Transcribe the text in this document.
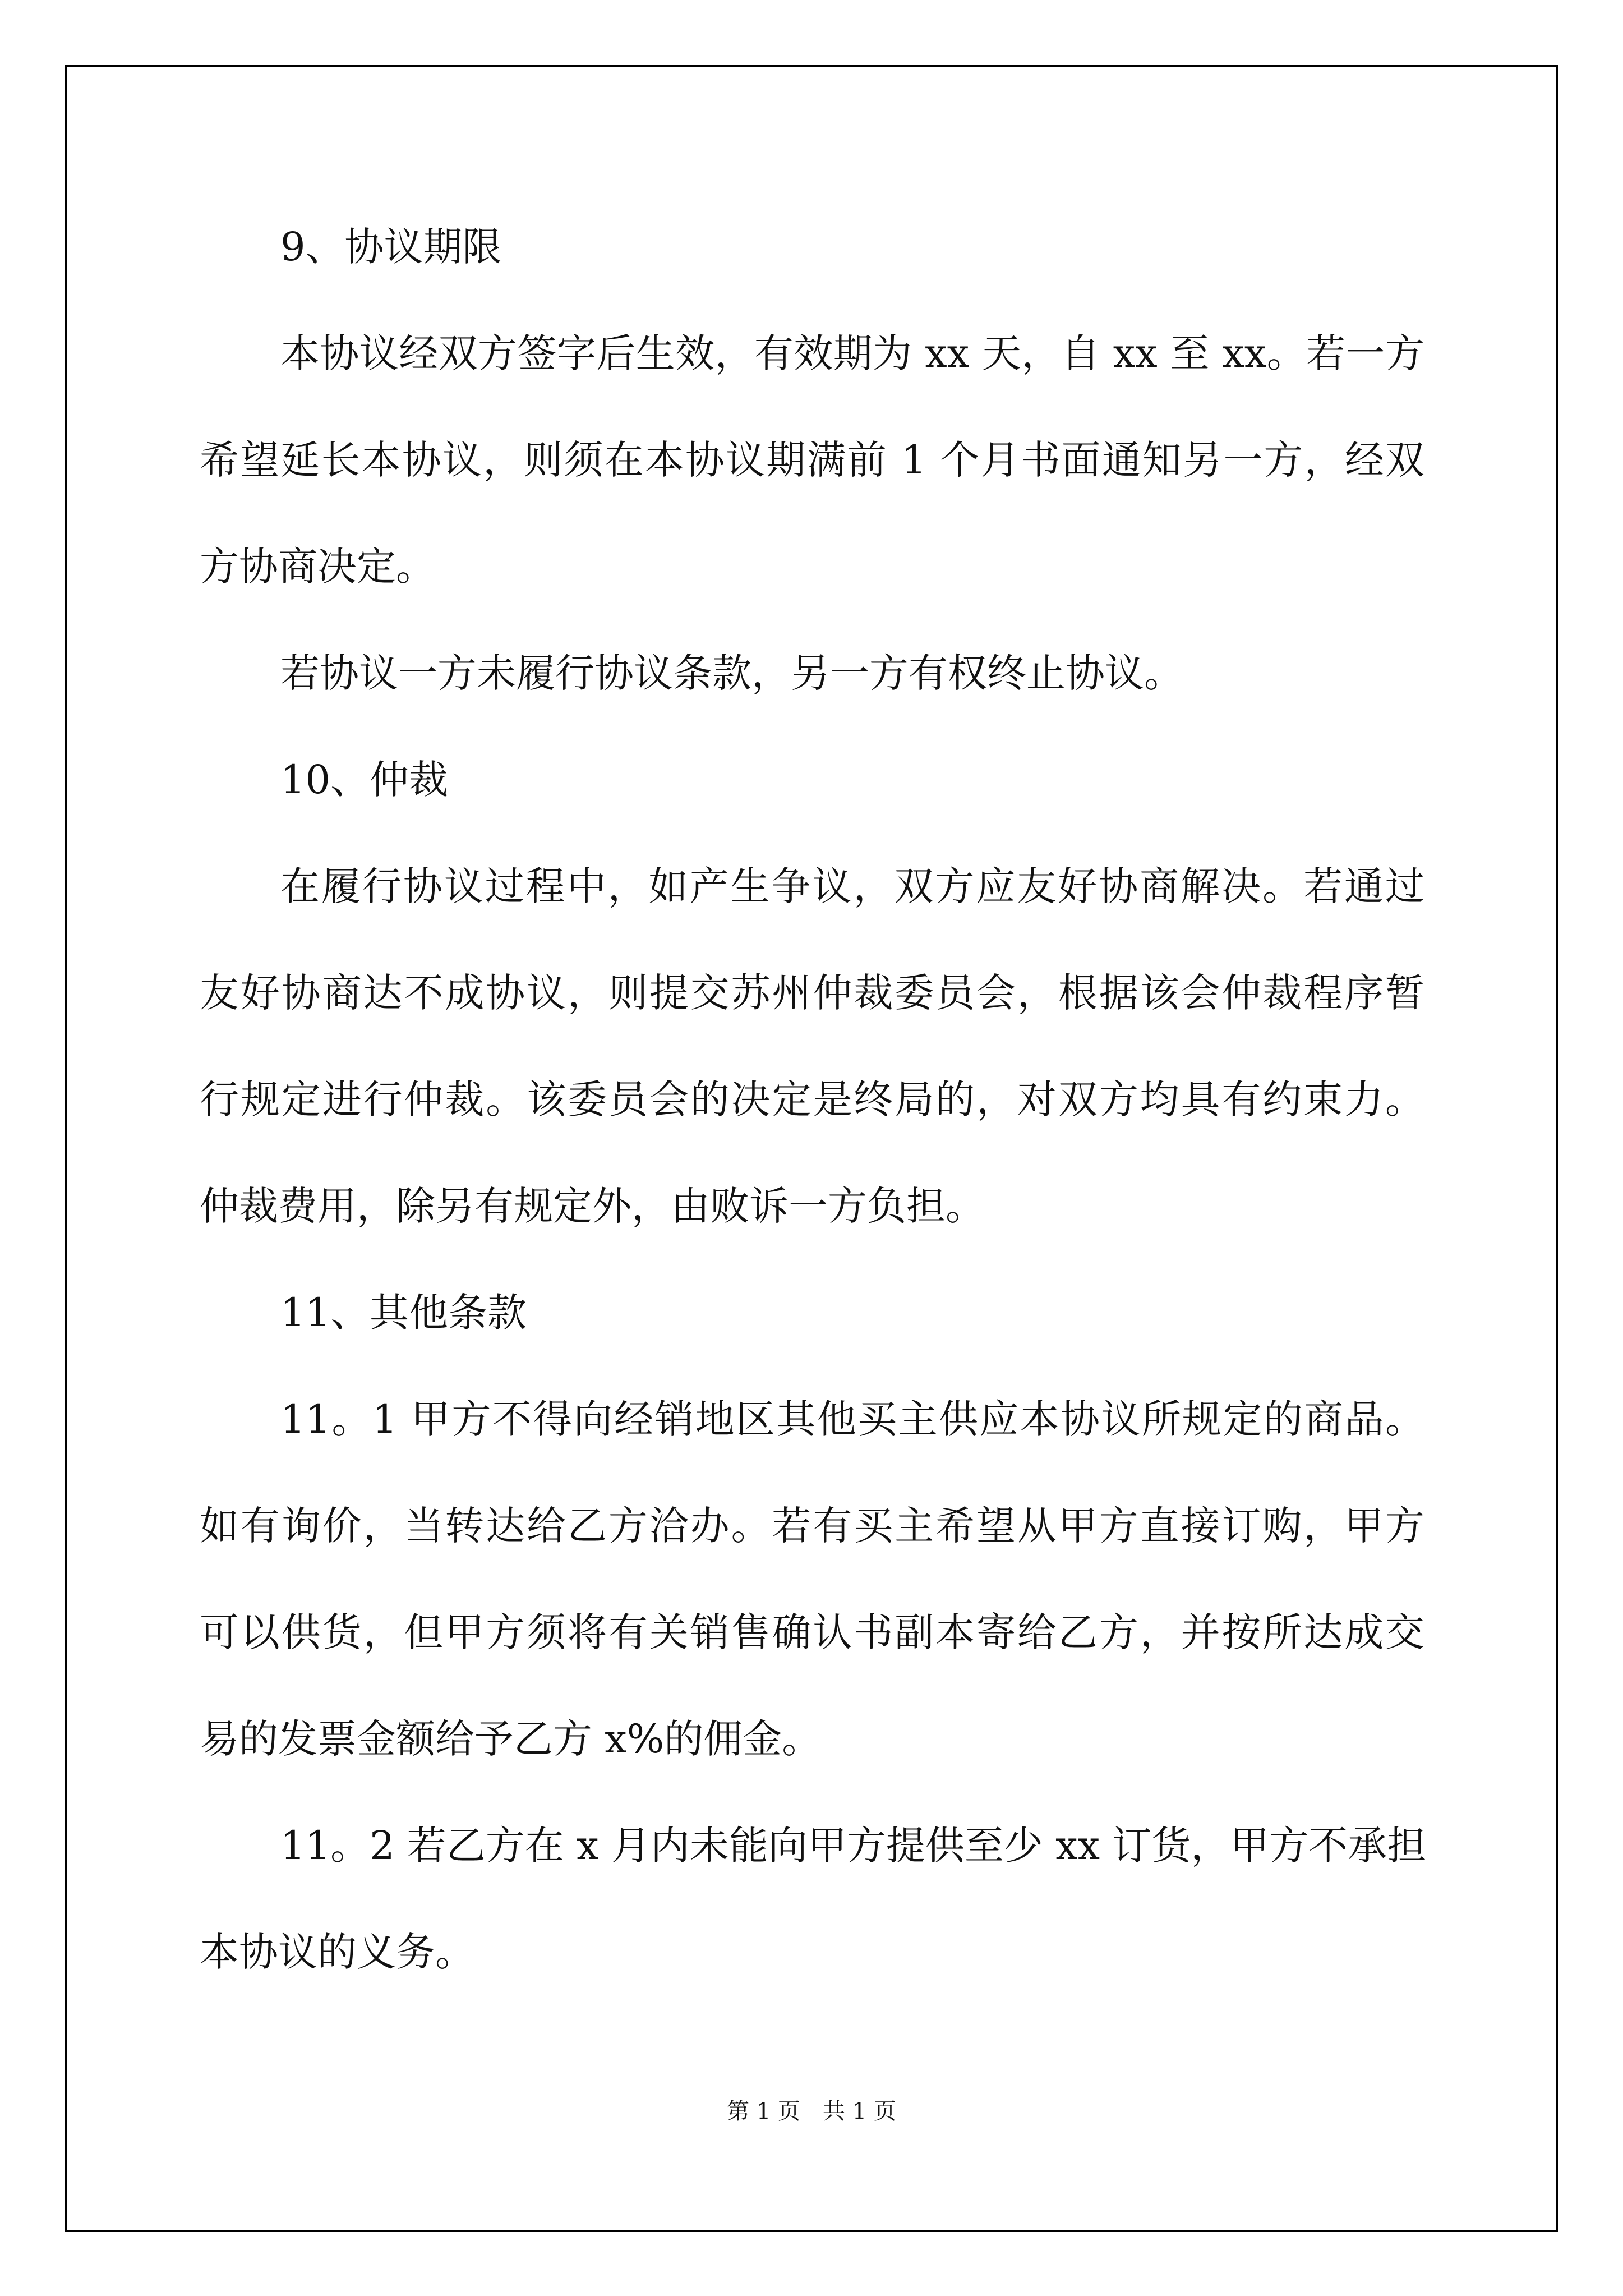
9、协议期限
本协议经双方签字后生效，有效期为 xx 天，自 xx 至 xx。若一方
希望延长本协议，则须在本协议期满前 1 个月书面通知另一方，经双
方协商决定。
若协议一方未履行协议条款，另一方有权终止协议。
10、仲裁
在履行协议过程中，如产生争议，双方应友好协商解决。若通过
友好协商达不成协议，则提交苏州仲裁委员会，根据该会仲裁程序暂
行规定进行仲裁。该委员会的决定是终局的，对双方均具有约束力。
仲裁费用，除另有规定外，由败诉一方负担。
11、其他条款
11。1 甲方不得向经销地区其他买主供应本协议所规定的商品。
如有询价，当转达给乙方洽办。若有买主希望从甲方直接订购，甲方
可以供货，但甲方须将有关销售确认书副本寄给乙方，并按所达成交
易的发票金额给予乙方 x%的佣金。
11。2 若乙方在 x 月内未能向甲方提供至少 xx 订货，甲方不承担
本协议的义务。
第 1 页　共 1 页
